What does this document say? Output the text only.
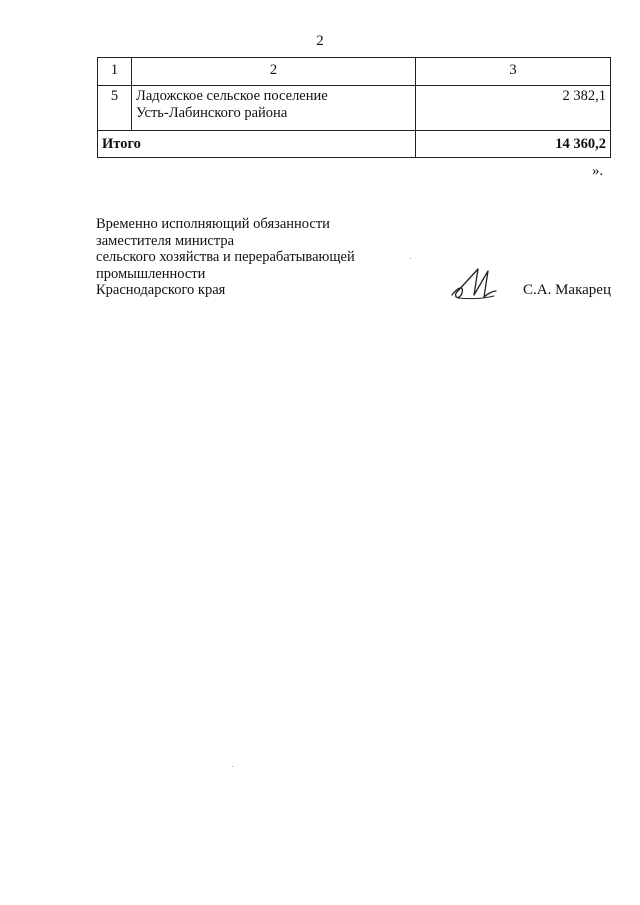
2
1	2	3
5	Ладожское сельское поселение
Усть-Лабинского района	2 382,1
Итого		14 360,2
».
Временно исполняющий обязанности
заместителя министра
сельского хозяйства и перерабатывающей
промышленности
Краснодарского края	С.А. Макарец
